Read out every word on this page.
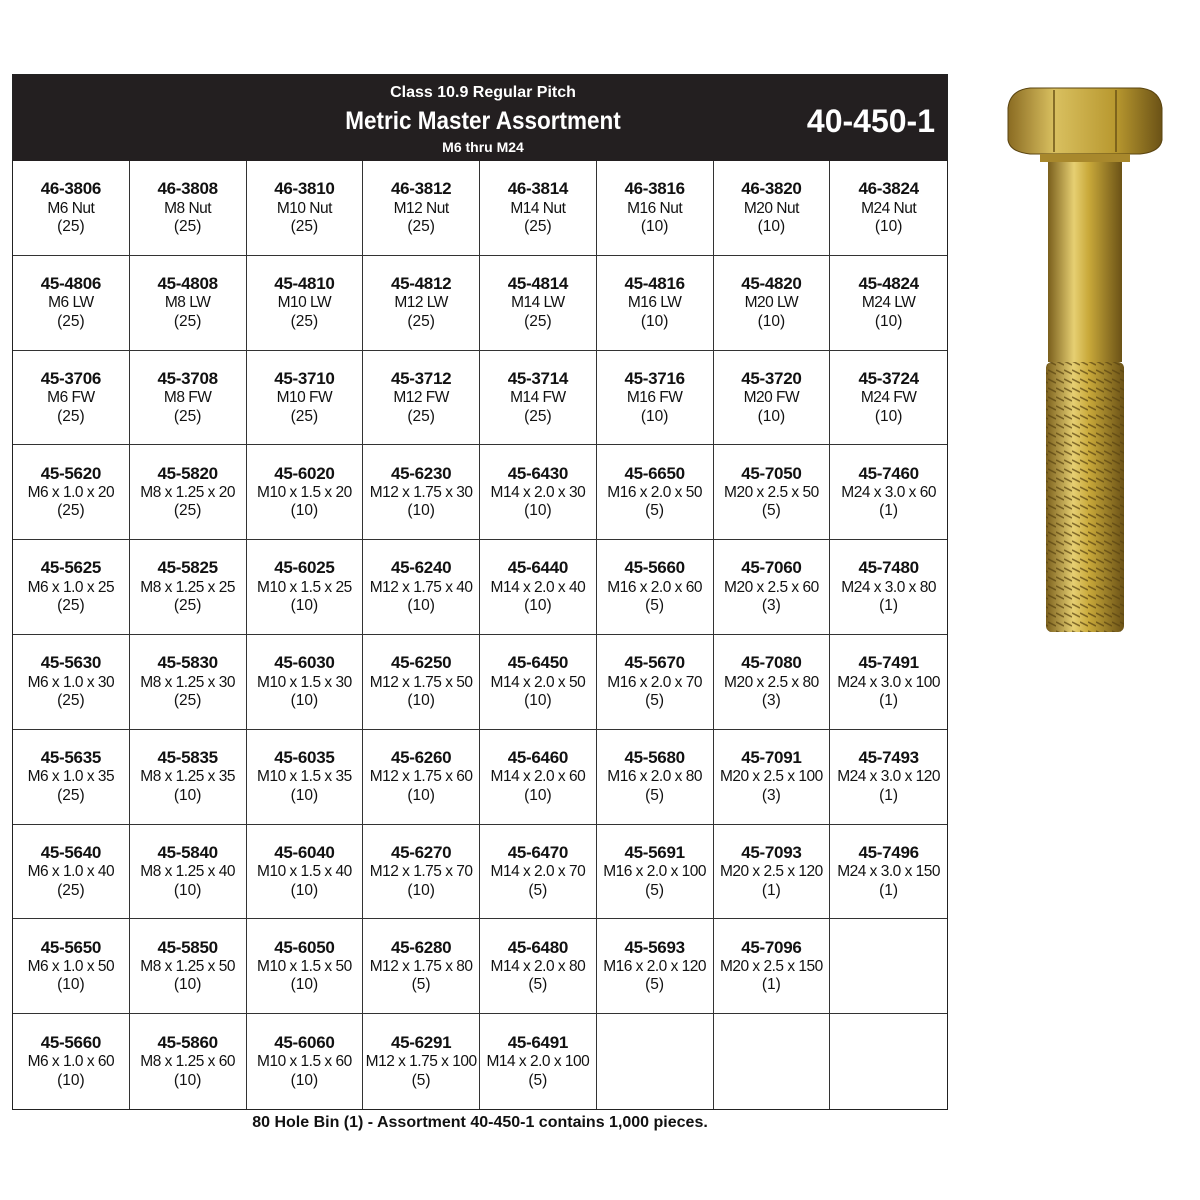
Class 10.9 Regular Pitch
Metric Master Assortment
M6 thru M24
40-450-1
46-3806
M6 Nut
(25)
46-3808
M8 Nut
(25)
46-3810
M10 Nut
(25)
46-3812
M12 Nut
(25)
46-3814
M14 Nut
(25)
46-3816
M16 Nut
(10)
46-3820
M20 Nut
(10)
46-3824
M24 Nut
(10)
45-4806
M6 LW
(25)
45-4808
M8 LW
(25)
45-4810
M10 LW
(25)
45-4812
M12 LW
(25)
45-4814
M14 LW
(25)
45-4816
M16 LW
(10)
45-4820
M20 LW
(10)
45-4824
M24 LW
(10)
45-3706
M6 FW
(25)
45-3708
M8 FW
(25)
45-3710
M10 FW
(25)
45-3712
M12 FW
(25)
45-3714
M14 FW
(25)
45-3716
M16 FW
(10)
45-3720
M20 FW
(10)
45-3724
M24 FW
(10)
45-5620
M6 x 1.0 x 20
(25)
45-5820
M8 x 1.25 x 20
(25)
45-6020
M10 x 1.5 x 20
(10)
45-6230
M12 x 1.75 x 30
(10)
45-6430
M14 x 2.0 x 30
(10)
45-6650
M16 x 2.0 x 50
(5)
45-7050
M20 x 2.5 x 50
(5)
45-7460
M24 x 3.0 x 60
(1)
45-5625
M6 x 1.0 x 25
(25)
45-5825
M8 x 1.25 x 25
(25)
45-6025
M10 x 1.5 x 25
(10)
45-6240
M12 x 1.75 x 40
(10)
45-6440
M14 x 2.0 x 40
(10)
45-5660
M16 x 2.0 x 60
(5)
45-7060
M20 x 2.5 x 60
(3)
45-7480
M24 x 3.0 x 80
(1)
45-5630
M6 x 1.0 x 30
(25)
45-5830
M8 x 1.25 x 30
(25)
45-6030
M10 x 1.5 x 30
(10)
45-6250
M12 x 1.75 x 50
(10)
45-6450
M14 x 2.0 x 50
(10)
45-5670
M16 x 2.0 x 70
(5)
45-7080
M20 x 2.5 x 80
(3)
45-7491
M24 x 3.0 x 100
(1)
45-5635
M6 x 1.0 x 35
(25)
45-5835
M8 x 1.25 x 35
(10)
45-6035
M10 x 1.5 x 35
(10)
45-6260
M12 x 1.75 x 60
(10)
45-6460
M14 x 2.0 x 60
(10)
45-5680
M16 x 2.0 x 80
(5)
45-7091
M20 x 2.5 x 100
(3)
45-7493
M24 x 3.0 x 120
(1)
45-5640
M6 x 1.0 x 40
(25)
45-5840
M8 x 1.25 x 40
(10)
45-6040
M10 x 1.5 x 40
(10)
45-6270
M12 x 1.75 x 70
(10)
45-6470
M14 x 2.0 x 70
(5)
45-5691
M16 x 2.0 x 100
(5)
45-7093
M20 x 2.5 x 120
(1)
45-7496
M24 x 3.0 x 150
(1)
45-5650
M6 x 1.0 x 50
(10)
45-5850
M8 x 1.25 x 50
(10)
45-6050
M10 x 1.5 x 50
(10)
45-6280
M12 x 1.75 x 80
(5)
45-6480
M14 x 2.0 x 80
(5)
45-5693
M16 x 2.0 x 120
(5)
45-7096
M20 x 2.5 x 150
(1)
45-5660
M6 x 1.0 x 60
(10)
45-5860
M8 x 1.25 x 60
(10)
45-6060
M10 x 1.5 x 60
(10)
45-6291
M12 x 1.75 x 100
(5)
45-6491
M14 x 2.0 x 100
(5)
80 Hole Bin (1) - Assortment 40-450-1 contains 1,000 pieces.
